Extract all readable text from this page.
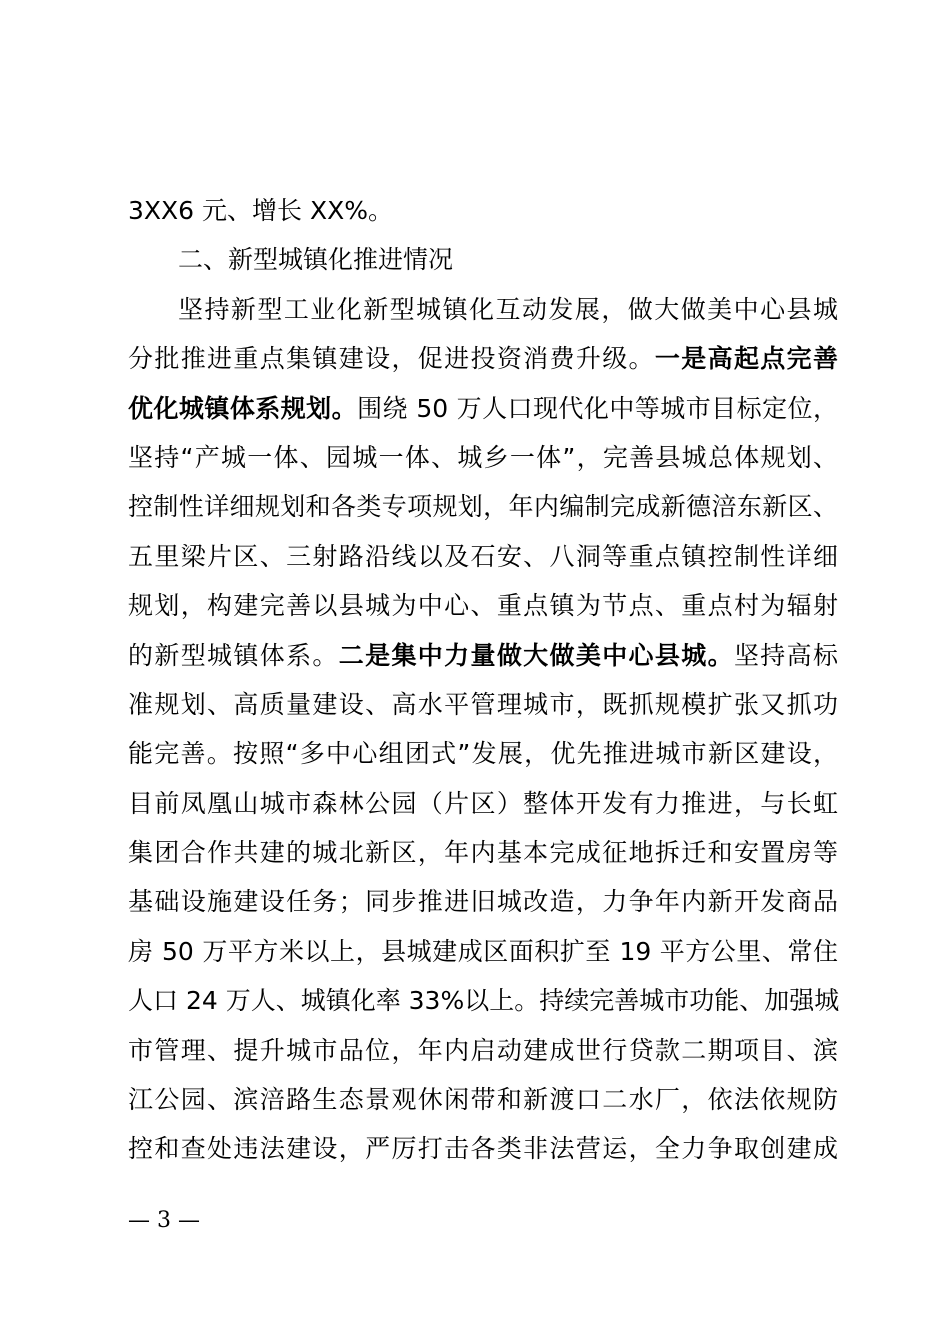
3XX6 元、增长 XX%。
二、新型城镇化推进情况
坚持新型工业化新型城镇化互动发展，做大做美中心县城
分批推进重点集镇建设，促进投资消费升级。一是高起点完善
优化城镇体系规划。围绕 50 万人口现代化中等城市目标定位，
坚持“产城一体、园城一体、城乡一体”，完善县城总体规划、
控制性详细规划和各类专项规划，年内编制完成新德涪东新区、
五里梁片区、三射路沿线以及石安、八洞等重点镇控制性详细
规划，构建完善以县城为中心、重点镇为节点、重点村为辐射
的新型城镇体系。二是集中力量做大做美中心县城。坚持高标
准规划、高质量建设、高水平管理城市，既抓规模扩张又抓功
能完善。按照“多中心组团式”发展，优先推进城市新区建设，
目前凤凰山城市森林公园（片区）整体开发有力推进，与长虹
集团合作共建的城北新区，年内基本完成征地拆迁和安置房等
基础设施建设任务；同步推进旧城改造，力争年内新开发商品
房 50 万平方米以上，县城建成区面积扩至 19 平方公里、常住
人口 24 万人、城镇化率 33%以上。持续完善城市功能、加强城
市管理、提升城市品位，年内启动建成世行贷款二期项目、滨
江公园、滨涪路生态景观休闲带和新渡口二水厂，依法依规防
控和查处违法建设，严厉打击各类非法营运，全力争取创建成
— 3 —
